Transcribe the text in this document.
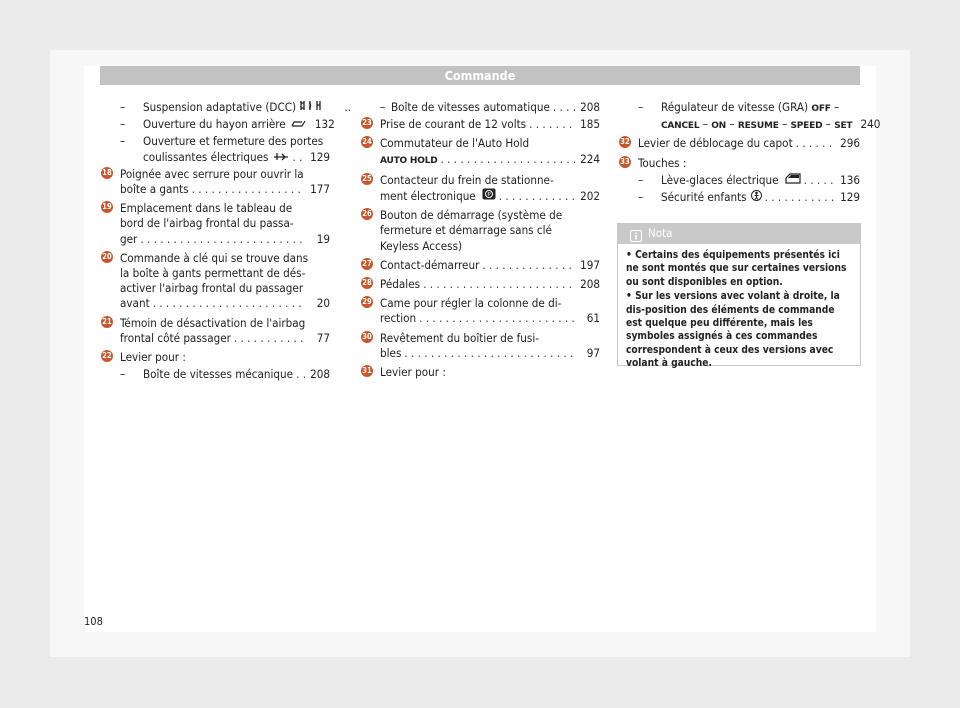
Commande
– Suspension adaptative (DCC)	..
– Ouverture du hayon arrière	132
–	Ouverture et fermeture des portes
coulissantes électriques . . .	129
18 Poignée avec serrure pour ouvrir la
boîte a gants . . .	177
19 Emplacement dans le tableau de
bord de l'airbag frontal du passa-
ger . . .	19
20 Commande à clé qui se trouve dans
la boîte à gants permettant de dés-
activer l'airbag frontal du passager
avant . . .	20
21 Témoin de désactivation de l'airbag
frontal côté passager . . .	77
22 Levier pour :
– Boîte de vitesses mécanique . . . 208
– Boîte de vitesses automatique . . .	208
23 Prise de courant de 12 volts . . .	185
24 Commutateur de l'Auto Hold
AUTO HOLD . . .	224
25 Contacteur du frein de stationne-
ment électronique P . . .	202
26 Bouton de démarrage (système de
fermeture et démarrage sans clé
Keyless Access)
27 Contact-démarreur . . .	197
28 Pédales . . .	208
29 Came pour régler la colonne de di-
rection . . .	61
30 Revêtement du boîtier de fusi-
bles . . .	97
31 Levier pour :
–	Régulateur de vitesse (GRA) OFF –
CANCEL – ON – RESUME – SPEED – SET 240
32 Levier de déblocage du capot . . .	296
33 Touches :
– Lève-glaces électrique . . .	136
– Sécurité enfants . . .	129
Nota

• Certains des équipements présentés ici ne sont montés que sur certaines versions ou sont disponibles en option.

• Sur les versions avec volant à droite, la dis-position des éléments de commande est quelque peu différente, mais les symboles assignés à ces commandes correspondent à ceux des versions avec volant à gauche.

108
